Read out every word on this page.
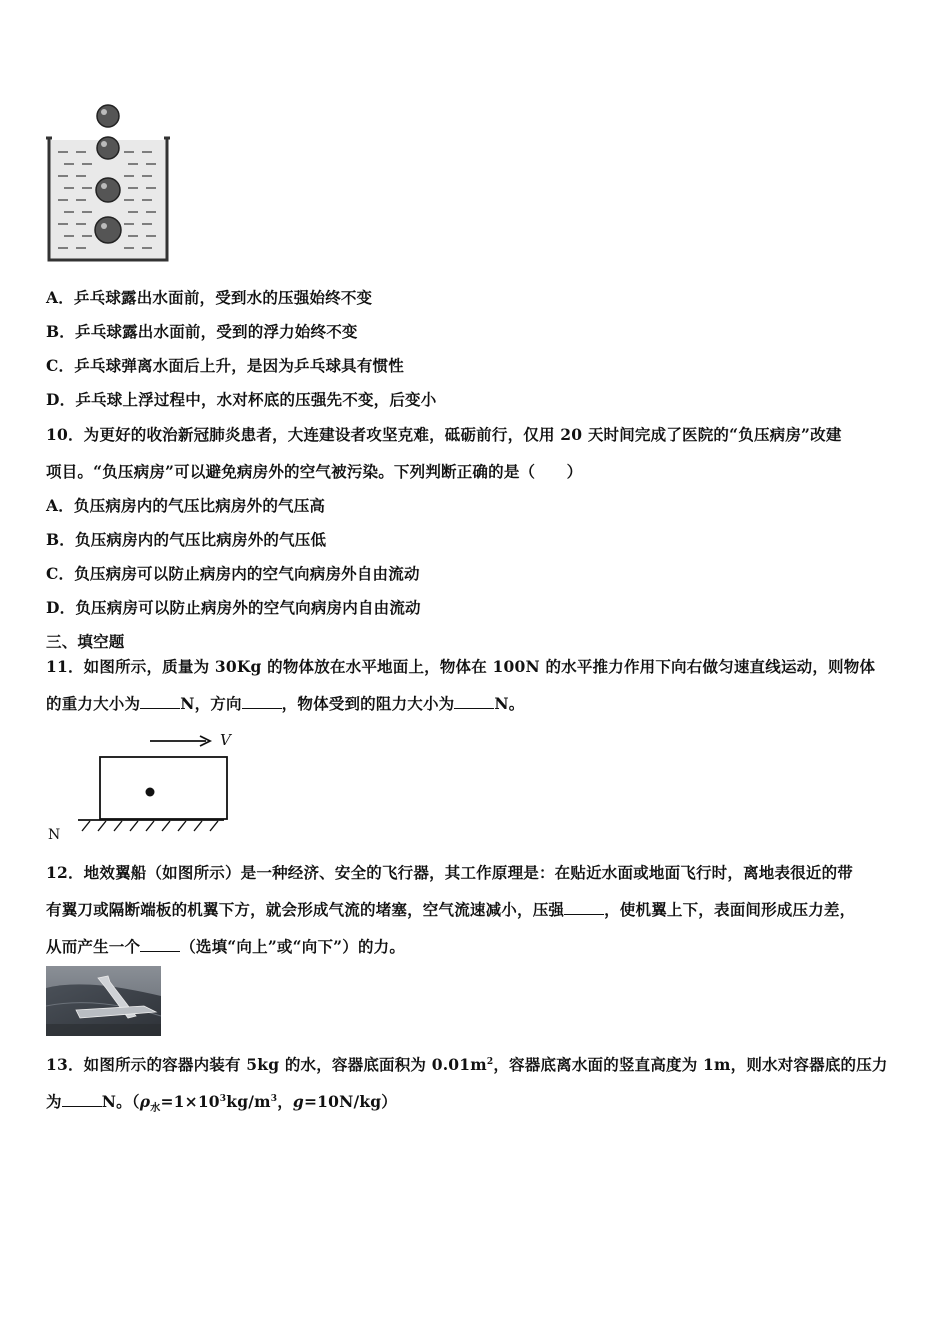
A．乒乓球露出水面前，受到水的压强始终不变
B．乒乓球露出水面前，受到的浮力始终不变
C．乒乓球弹离水面后上升，是因为乒乓球具有惯性
D．乒乓球上浮过程中，水对杯底的压强先不变，后变小
10．为更好的收治新冠肺炎患者，大连建设者攻坚克难，砥砺前行，仅用 20 天时间完成了医院的“负压病房”改建
项目。“负压病房”可以避免病房外的空气被污染。下列判断正确的是（　　）
A．负压病房内的气压比病房外的气压高
B．负压病房内的气压比病房外的气压低
C．负压病房可以防止病房内的空气向病房外自由流动
D．负压病房可以防止病房外的空气向病房内自由流动
三、填空题
11．如图所示，质量为 30Kg 的物体放在水平地面上，物体在 100N 的水平推力作用下向右做匀速直线运动，则物体
的重力大小为	N，方向	，物体受到的阻力大小为	N。
V
N
12．地效翼船（如图所示）是一种经济、安全的飞行器，其工作原理是：在贴近水面或地面飞行时，离地表很近的带
有翼刀或隔断端板的机翼下方，就会形成气流的堵塞，空气流速减小，压强	，使机翼上下，表面间形成压力差，
从而产生一个	（选填“向上”或“向下”）的力。
13．如图所示的容器内装有 5kg 的水，容器底面积为 $0.01m^2$，容器底离水面的竖直高度为 1m，则水对容器底的压力
为	N。（$\rho_水=1\times 10^3kg/m^3$，g=10N/kg）
